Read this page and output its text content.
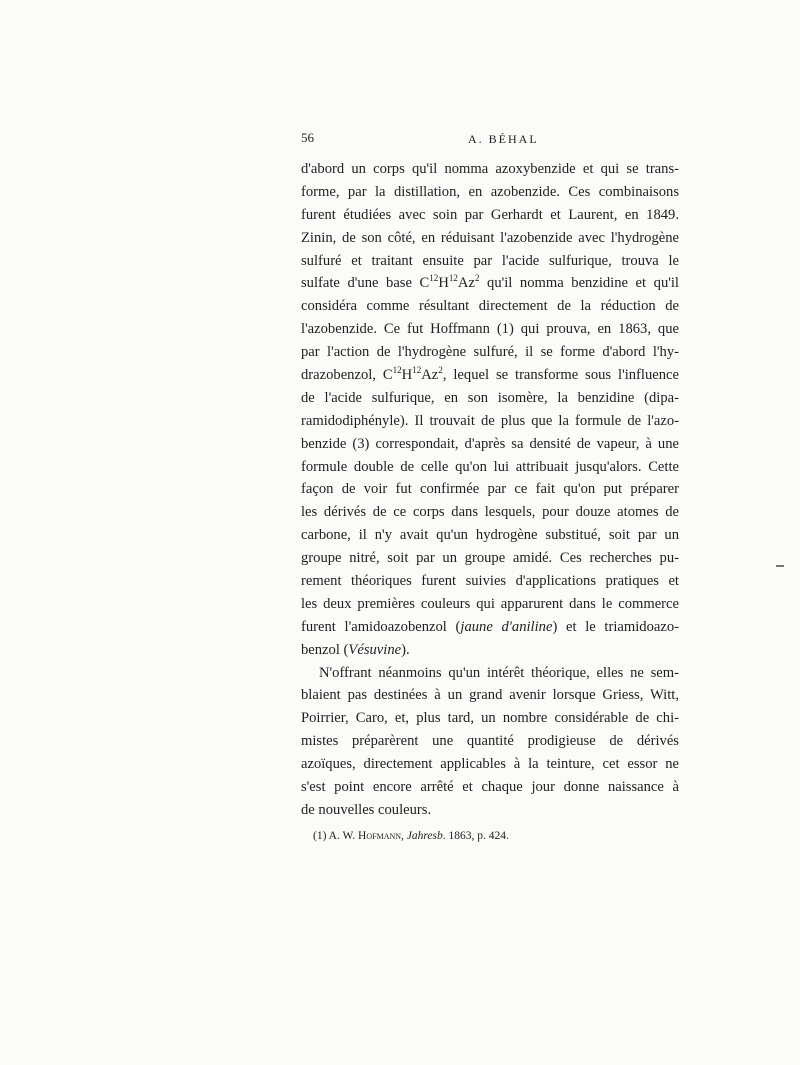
56	A. BÉHAL
d'abord un corps qu'il nomma azoxybenzide et qui se trans-
forme, par la distillation, en azobenzide. Ces combinaisons
furent étudiées avec soin par Gerhardt et Laurent, en 1849.
Zinin, de son côté, en réduisant l'azobenzide avec l'hydrogène
sulfuré et traitant ensuite par l'acide sulfurique, trouva le
sulfate d'une base $C^{12}H^{12}Az^2$ qu'il nomma benzidine et qu'il
considéra comme résultant directement de la réduction de
l'azobenzide. Ce fut Hoffmann (1) qui prouva, en 1863, que
par l'action de l'hydrogène sulfuré, il se forme d'abord l'hy-
drazobenzol, $C^{12}H^{12}Az^2$, lequel se transforme sous l'influence
de l'acide sulfurique, en son isomère, la benzidine (dipa-
ramidodiphényle). Il trouvait de plus que la formule de l'azo-
benzide (3) correspondait, d'après sa densité de vapeur, à une
formule double de celle qu'on lui attribuait jusqu'alors. Cette
façon de voir fut confirmée par ce fait qu'on put préparer
les dérivés de ce corps dans lesquels, pour douze atomes de
carbone, il n'y avait qu'un hydrogène substitué, soit par un
groupe nitré, soit par un groupe amidé. Ces recherches pu-
rement théoriques furent suivies d'applications pratiques et
les deux premières couleurs qui apparurent dans le commerce
furent l'amidoazobenzol (jaune d'aniline) et le triamidoazo-
benzol (Vésuvine).
N'offrant néanmoins qu'un intérêt théorique, elles ne sem-
blaient pas destinées à un grand avenir lorsque Griess, Witt,
Poirrier, Caro, et, plus tard, un nombre considérable de chi-
mistes préparèrent une quantité prodigieuse de dérivés
azoïques, directement applicables à la teinture, cet essor ne
s'est point encore arrêté et chaque jour donne naissance à
de nouvelles couleurs.
(1) A. W. Hofmann, Jahresb. 1863, p. 424.
